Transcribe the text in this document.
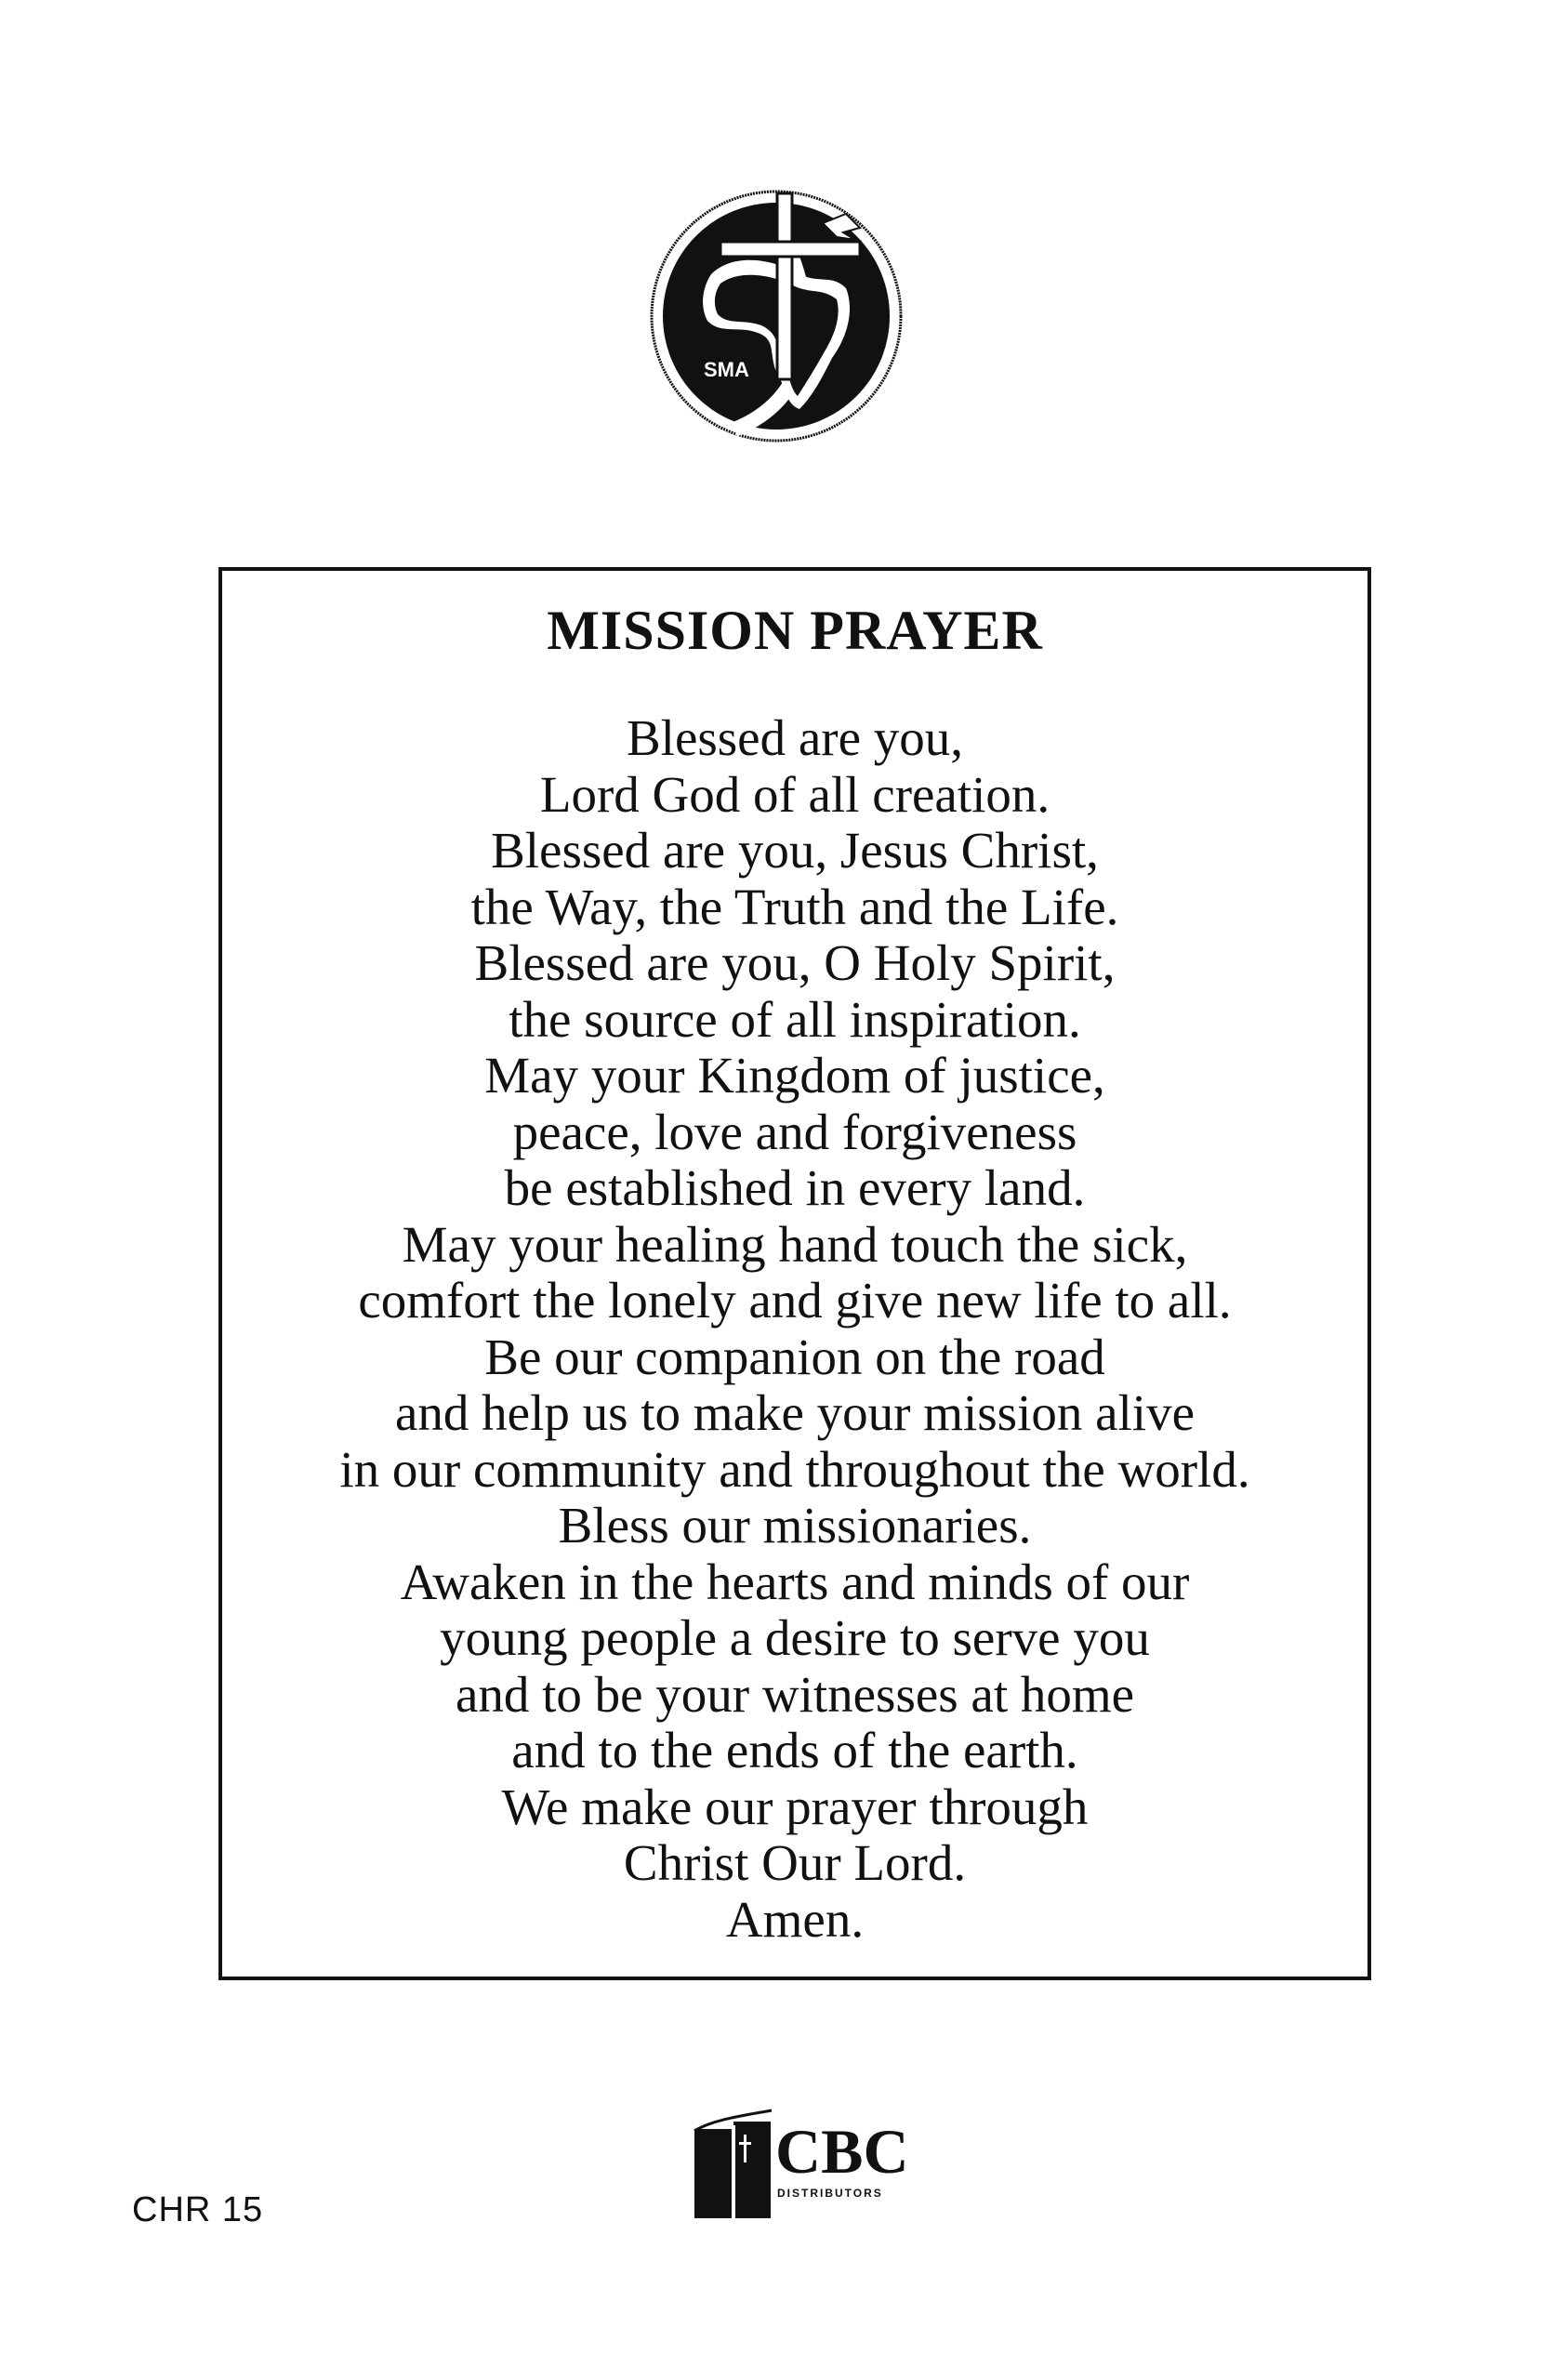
SMA
MISSION PRAYER
Blessed are you,
Lord God of all creation.
Blessed are you, Jesus Christ,
the Way, the Truth and the Life.
Blessed are you, O Holy Spirit,
the source of all inspiration.
May your Kingdom of justice,
peace, love and forgiveness
be established in every land.
May your healing hand touch the sick,
comfort the lonely and give new life to all.
Be our companion on the road
and help us to make your mission alive
in our community and throughout the world.
Bless our missionaries.
Awaken in the hearts and minds of our
young people a desire to serve you
and to be your witnesses at home
and to the ends of the earth.
We make our prayer through
Christ Our Lord.
Amen.
CBC
DISTRIBUTORS
CHR 15
